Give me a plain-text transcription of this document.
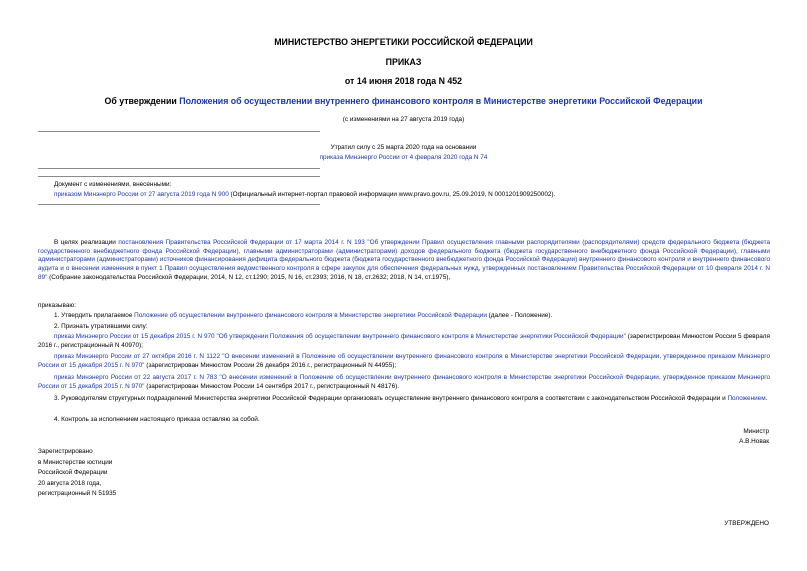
МИНИСТЕРСТВО ЭНЕРГЕТИКИ РОССИЙСКОЙ ФЕДЕРАЦИИ
ПРИКАЗ
от 14 июня 2018 года N 452
Об утверждении Положения об осуществлении внутреннего финансового контроля в Министерстве энергетики Российской Федерации
(с изменениями на 27 августа 2019 года)
Утратил силу с 25 марта 2020 года на основании
приказа Минэнерго России от 4 февраля 2020 года N 74
Документ с изменениями, внесенными:
приказом Минэнерго России от 27 августа 2019 года N 900 (Официальный интернет-портал правовой информации www.pravo.gov.ru, 25.09.2019, N 0001201909250002).
В целях реализации постановления Правительства Российской Федерации от 17 марта 2014 г. N 193 "Об утверждении Правил осуществления главными распорядителями (распорядителями) средств федерального бюджета (бюджета государственного внебюджетного фонда Российской Федерации), главными администраторами (администраторами) доходов федерального бюджета (бюджета государственного внебюджетного фонда Российской Федерации), главными администраторами (администраторами) источников финансирования дефицита федерального бюджета (бюджета государственного внебюджетного фонда Российской Федерации) внутреннего финансового контроля и внутреннего финансового аудита и о внесении изменения в пункт 1 Правил осуществления ведомственного контроля в сфере закупок для обеспечения федеральных нужд, утвержденных постановлением Правительства Российской Федерации от 10 февраля 2014 г. N 89" (Собрание законодательства Российской Федерации, 2014, N 12, ст.1290; 2015, N 16, ст.2393; 2016, N 18, ст.2632; 2018, N 14, ст.1975),
приказываю:
1. Утвердить прилагаемое Положение об осуществлении внутреннего финансового контроля в Министерстве энергетики Российской Федерации (далее - Положение).
2. Признать утратившими силу:
приказ Минэнерго России от 15 декабря 2015 г. N 970 "Об утверждении Положения об осуществлении внутреннего финансового контроля в Министерстве энергетики Российской Федерации" (зарегистрирован Минюстом России 5 февраля 2016 г., регистрационный N 40970);
приказ Минэнерго России от 27 октября 2016 г. N 1122 "О внесении изменений в Положение об осуществлении внутреннего финансового контроля в Министерстве энергетики Российской Федерации, утвержденное приказом Минэнерго России от 15 декабря 2015 г. N 970" (зарегистрирован Минюстом России 26 декабря 2016 г., регистрационный N 44955);
приказ Минэнерго России от 22 августа 2017 г. N 783 "О внесении изменений в Положение об осуществлении внутреннего финансового контроля в Министерстве энергетики Российской Федерации, утвержденное приказом Минэнерго России от 15 декабря 2015 г. N 970" (зарегистрирован Минюстом России 14 сентября 2017 г., регистрационный N 48176).
3. Руководителям структурных подразделений Министерства энергетики Российской Федерации организовать осуществление внутреннего финансового контроля в соответствии с законодательством Российской Федерации и Положением.
4. Контроль за исполнением настоящего приказа оставляю за собой.
Министр
А.В.Новак
Зарегистрировано
в Министерстве юстиции
Российской Федерации
20 августа 2018 года,
регистрационный N 51935
УТВЕРЖДЕНО
